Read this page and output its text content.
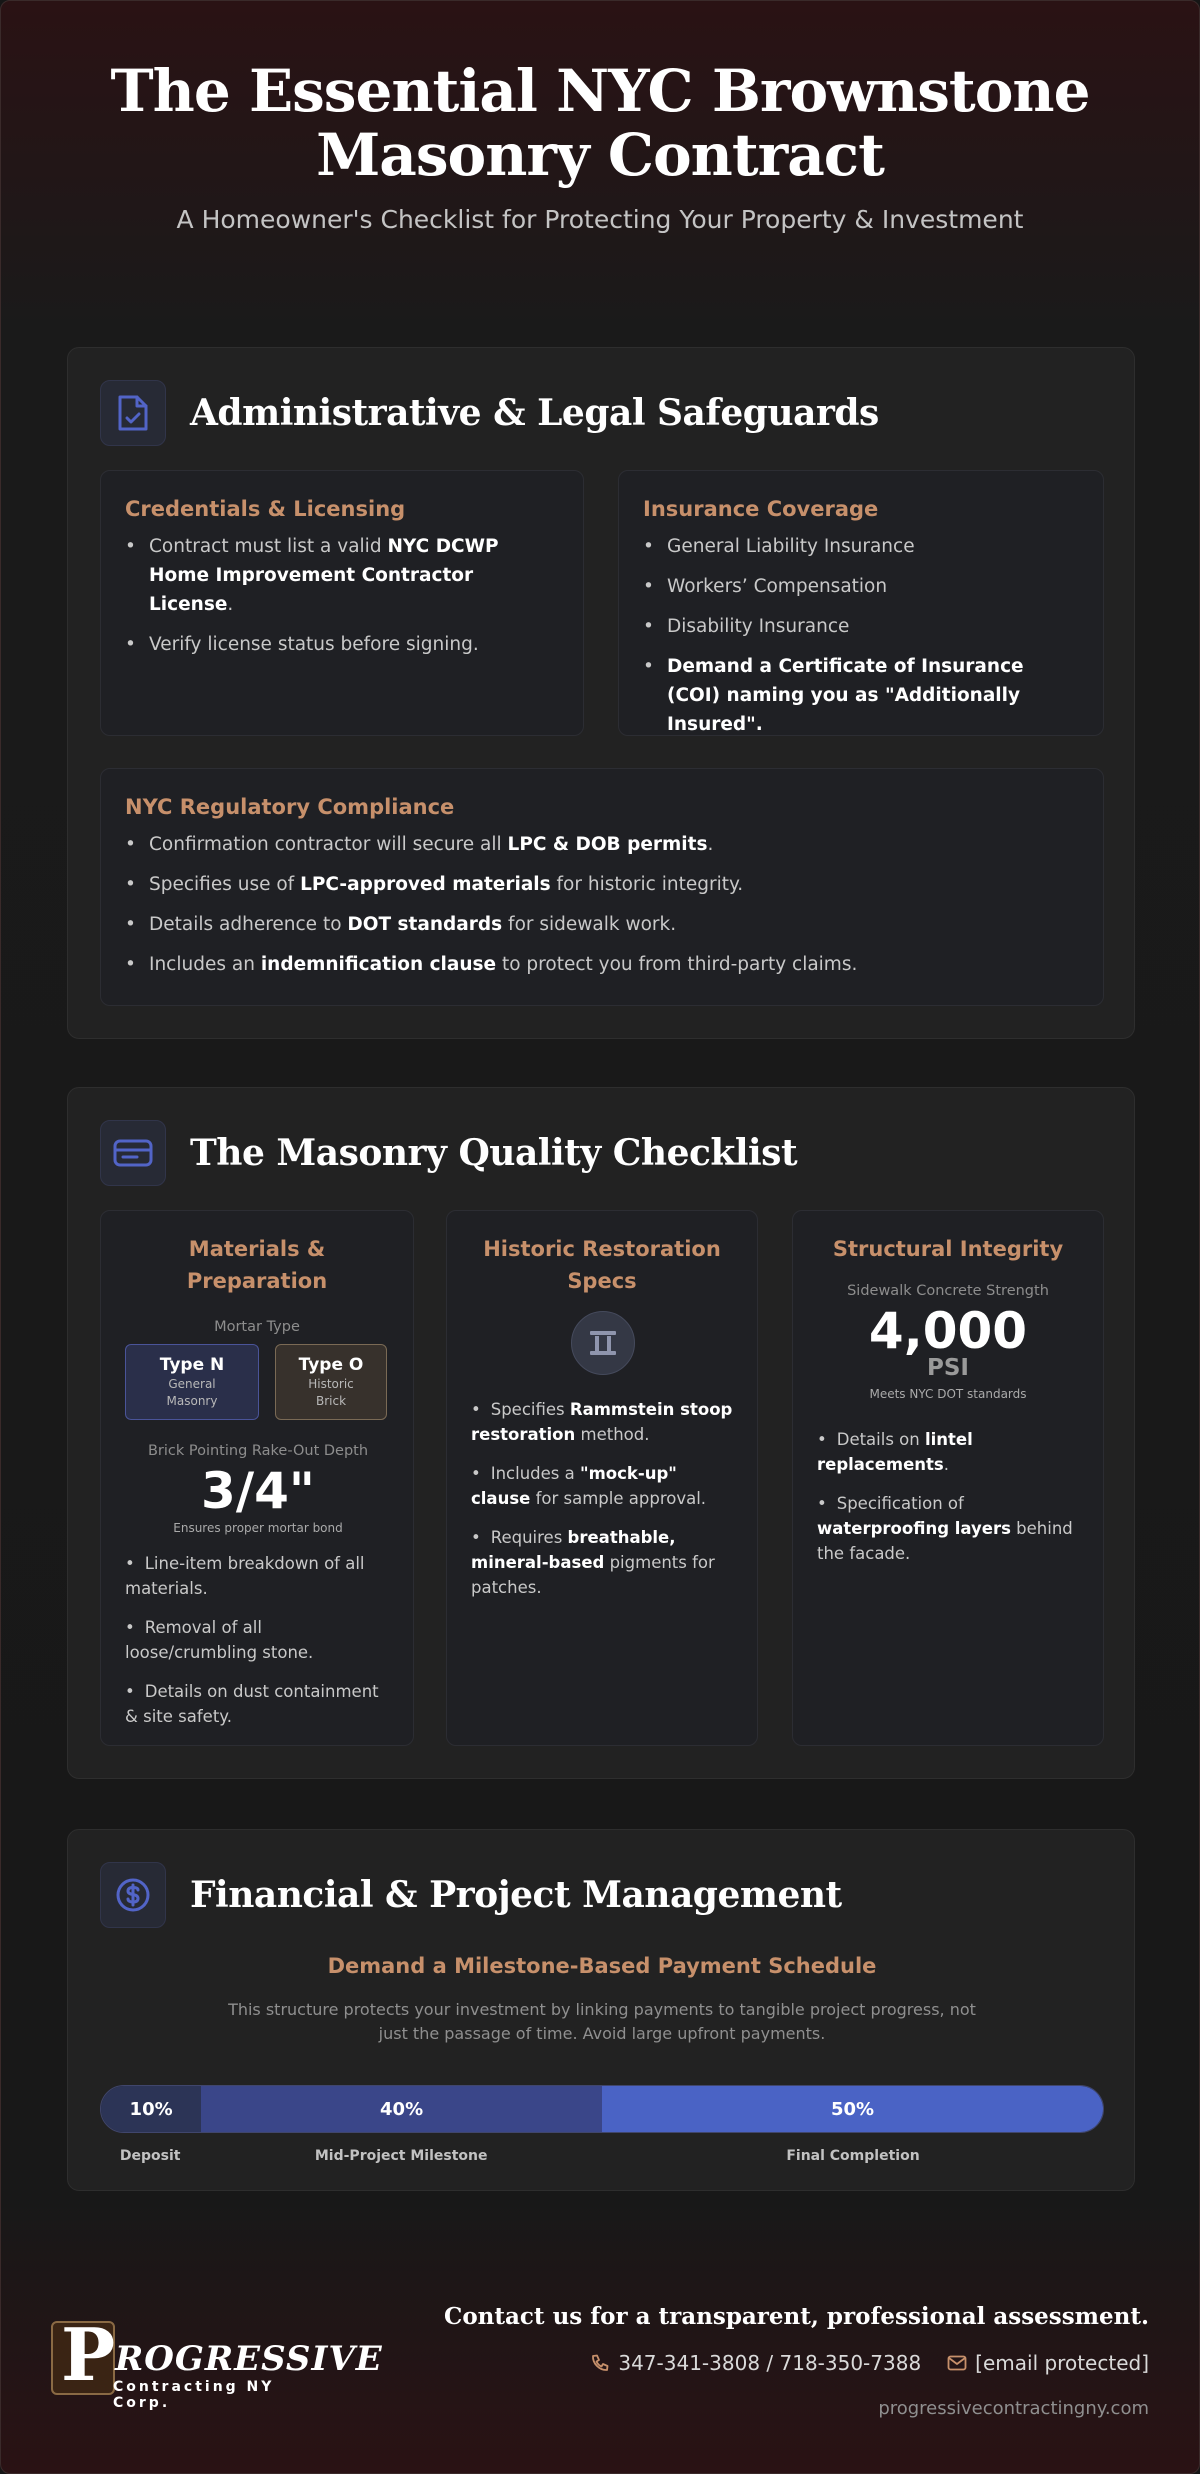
The Essential NYC Brownstone
Masonry Contract
A Homeowner's Checklist for Protecting Your Property & Investment
Administrative & Legal Safeguards
Credentials & Licensing
• Contract must list a valid NYC DCWP Home Improvement Contractor License.
• Verify license status before signing.
Insurance Coverage
• General Liability Insurance
• Workers’ Compensation
• Disability Insurance
• Demand a Certificate of Insurance (COI) naming you as "Additionally Insured".
NYC Regulatory Compliance
• Confirmation contractor will secure all LPC & DOB permits.
• Specifies use of LPC-approved materials for historic integrity.
• Details adherence to DOT standards for sidewalk work.
• Includes an indemnification clause to protect you from third-party claims.
The Masonry Quality Checklist
Materials &
Preparation
Mortar Type
Type N
General
Masonry
Type O
Historic
Brick
Brick Pointing Rake-Out Depth
3/4"
Ensures proper mortar bond
• Line-item breakdown of all materials.
• Removal of all loose/crumbling stone.
• Details on dust containment & site safety.
Historic Restoration
Specs
• Specifies Rammstein stoop restoration method.
• Includes a "mock-up" clause for sample approval.
• Requires breathable, mineral-based pigments for patches.
Structural Integrity
Sidewalk Concrete Strength
4,000
PSI
Meets NYC DOT standards
• Details on lintel replacements.
• Specification of waterproofing layers behind the facade.
Financial & Project Management
Demand a Milestone-Based Payment Schedule
This structure protects your investment by linking payments to tangible project progress, not
just the passage of time. Avoid large upfront payments.
10%	40%	50%
Deposit	Mid-Project Milestone	Final Completion
P ROGRESSIVE
Contracting NY Corp.
Contact us for a transparent, professional assessment.
347-341-3808 / 718-350-7388	[email protected]
progressivecontractingny.com
